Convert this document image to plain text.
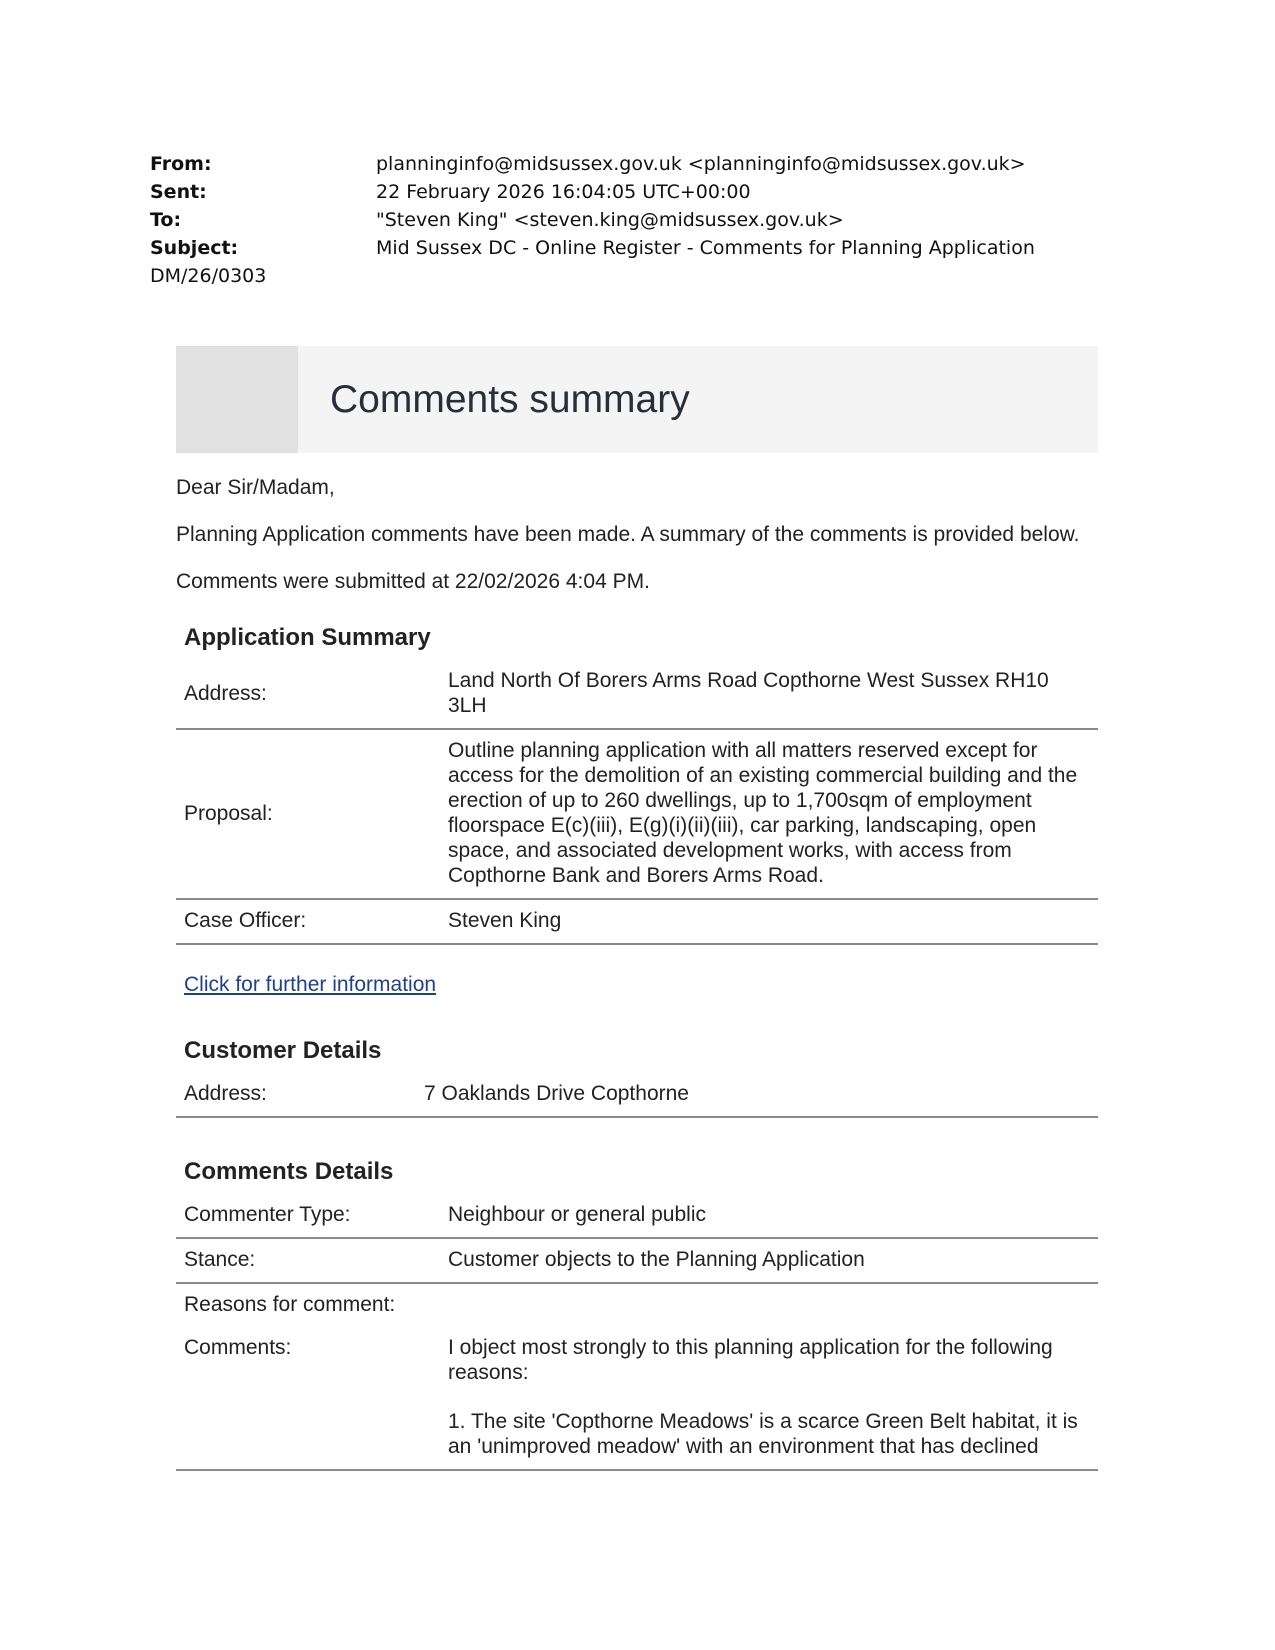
From:	planninginfo@midsussex.gov.uk <planninginfo@midsussex.gov.uk>
Sent:	22 February 2026 16:04:05 UTC+00:00
To:	"Steven King" <steven.king@midsussex.gov.uk>
Subject:	Mid Sussex DC - Online Register - Comments for Planning Application
DM/26/0303
Comments summary

Dear Sir/Madam,

Planning Application comments have been made. A summary of the comments is provided below.

Comments were submitted at 22/02/2026 4:04 PM.

Application Summary
Address:	Land North Of Borers Arms Road Copthorne West Sussex RH10 3LH
Proposal:	Outline planning application with all matters reserved except for access for the demolition of an existing commercial building and the erection of up to 260 dwellings, up to 1,700sqm of employment floorspace E(c)(iii), E(g)(i)(ii)(iii), car parking, landscaping, open space, and associated development works, with access from Copthorne Bank and Borers Arms Road.
Case Officer:	Steven King
Click for further information
Customer Details
Address:	7 Oaklands Drive Copthorne
Comments Details
Commenter Type:	Neighbour or general public
Stance:	Customer objects to the Planning Application
Reasons for comment:	
Comments:	I object most strongly to this planning application for the following reasons:

1. The site 'Copthorne Meadows' is a scarce Green Belt habitat, it is an 'unimproved meadow' with an environment that has declined
